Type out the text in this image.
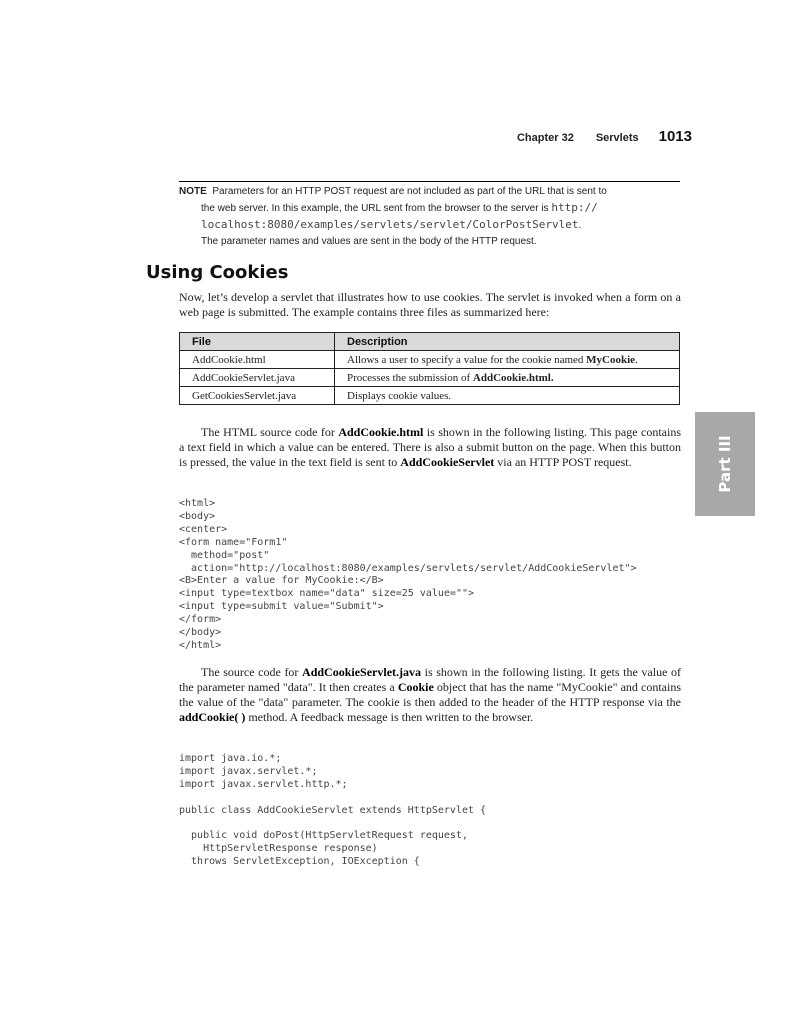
Chapter 32 Servlets 1013
NOTE Parameters for an HTTP POST request are not included as part of the URL that is sent to
the web server. In this example, the URL sent from the browser to the server is http://
localhost:8080/examples/servlets/servlet/ColorPostServlet.
The parameter names and values are sent in the body of the HTTP request.
Using Cookies
Now, let’s develop a servlet that illustrates how to use cookies. The servlet is invoked when a form on a web page is submitted. The example contains three files as summarized here:
File	Description
AddCookie.html	Allows a user to specify a value for the cookie named MyCookie.
AddCookieServlet.java	Processes the submission of AddCookie.html.
GetCookiesServlet.java	Displays cookie values.
Part III
The HTML source code for AddCookie.html is shown in the following listing. This page contains a text field in which a value can be entered. There is also a submit button on the page. When this button is pressed, the value in the text field is sent to AddCookieServlet via an HTTP POST request.
<html>
<body>
<center>
<form name="Form1"
method="post"
action="http://localhost:8080/examples/servlets/servlet/AddCookieServlet">
<B>Enter a value for MyCookie:</B>
<input type=textbox name="data" size=25 value="">
<input type=submit value="Submit">
</form>
</body>
</html>
The source code for AddCookieServlet.java is shown in the following listing. It gets the value of the parameter named "data". It then creates a Cookie object that has the name "MyCookie" and contains the value of the "data" parameter. The cookie is then added to the header of the HTTP response via the addCookie( ) method. A feedback message is then written to the browser.
import java.io.*;
import javax.servlet.*;
import javax.servlet.http.*;

public class AddCookieServlet extends HttpServlet {

public void doPost(HttpServletRequest request,
HttpServletResponse response)
throws ServletException, IOException {
